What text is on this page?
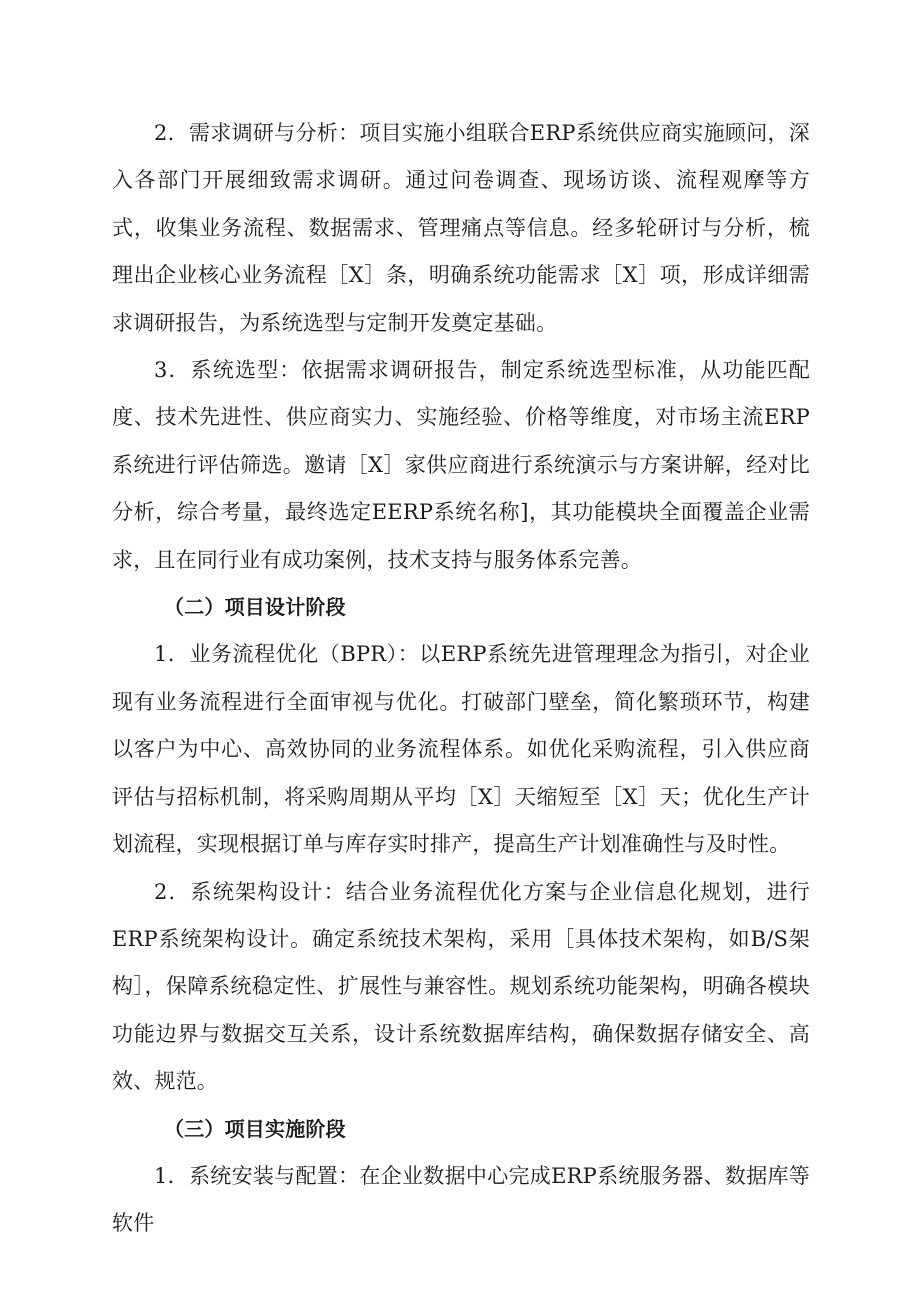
2．需求调研与分析：项目实施小组联合ERP系统供应商实施顾问，深入各部门开展细致需求调研。通过问卷调查、现场访谈、流程观摩等方式，收集业务流程、数据需求、管理痛点等信息。经多轮研讨与分析，梳理出企业核心业务流程［X］条，明确系统功能需求［X］项，形成详细需求调研报告，为系统选型与定制开发奠定基础。

3．系统选型：依据需求调研报告，制定系统选型标准，从功能匹配度、技术先进性、供应商实力、实施经验、价格等维度，对市场主流ERP系统进行评估筛选。邀请［X］家供应商进行系统演示与方案讲解，经对比分析，综合考量，最终选定EERP系统名称]，其功能模块全面覆盖企业需求，且在同行业有成功案例，技术支持与服务体系完善。

（二）项目设计阶段

1．业务流程优化（BPR）：以ERP系统先进管理理念为指引，对企业现有业务流程进行全面审视与优化。打破部门壁垒，简化繁琐环节，构建以客户为中心、高效协同的业务流程体系。如优化采购流程，引入供应商评估与招标机制，将采购周期从平均［X］天缩短至［X］天；优化生产计划流程，实现根据订单与库存实时排产，提高生产计划准确性与及时性。

2．系统架构设计：结合业务流程优化方案与企业信息化规划，进行ERP系统架构设计。确定系统技术架构，采用［具体技术架构，如B/S架构］，保障系统稳定性、扩展性与兼容性。规划系统功能架构，明确各模块功能边界与数据交互关系，设计系统数据库结构，确保数据存储安全、高效、规范。

（三）项目实施阶段

1．系统安装与配置：在企业数据中心完成ERP系统服务器、数据库等软件
